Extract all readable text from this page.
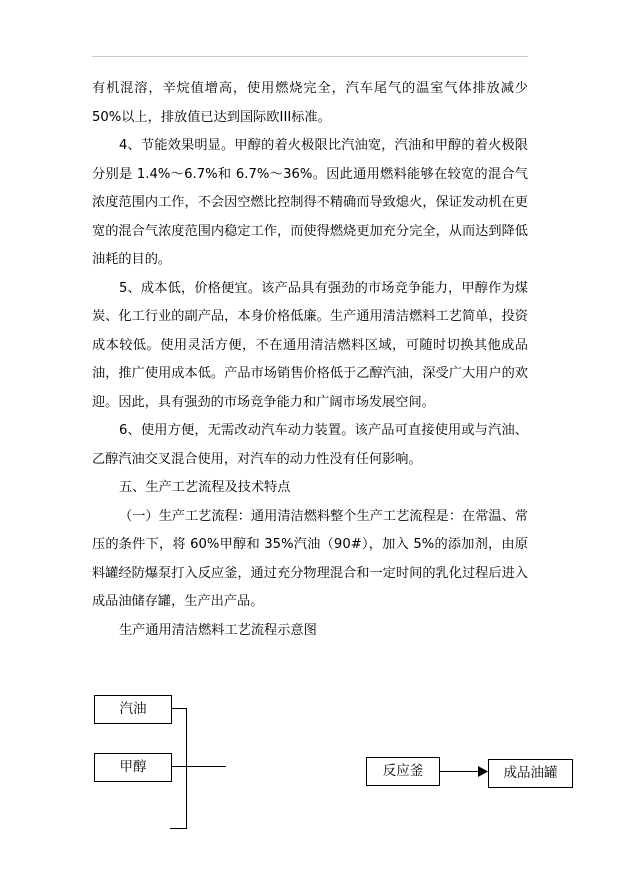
有机混溶，辛烷值增高，使用燃烧完全，汽车尾气的温室气体排放减少 50%以上，排放值已达到国际欧III标准。

4、节能效果明显。甲醇的着火极限比汽油宽，汽油和甲醇的着火极限分别是 1.4%～6.7%和 6.7%～36%。因此通用燃料能够在较宽的混合气浓度范围内工作，不会因空燃比控制得不精确而导致熄火，保证发动机在更宽的混合气浓度范围内稳定工作，而使得燃烧更加充分完全，从而达到降低油耗的目的。

5、成本低，价格便宜。该产品具有强劲的市场竞争能力，甲醇作为煤炭、化工行业的副产品，本身价格低廉。生产通用清洁燃料工艺简单，投资成本较低。使用灵活方便，不在通用清洁燃料区域，可随时切换其他成品油，推广使用成本低。产品市场销售价格低于乙醇汽油，深受广大用户的欢迎。因此，具有强劲的市场竞争能力和广阔市场发展空间。

6、使用方便，无需改动汽车动力装置。该产品可直接使用或与汽油、乙醇汽油交叉混合使用，对汽车的动力性没有任何影响。

五、生产工艺流程及技术特点

（一）生产工艺流程：通用清洁燃料整个生产工艺流程是：在常温、常压的条件下，将 60%甲醇和 35%汽油（90#），加入 5%的添加剂，由原料罐经防爆泵打入反应釜，通过充分物理混合和一定时间的乳化过程后进入成品油储存罐，生产出产品。

生产通用清洁燃料工艺流程示意图

汽油
甲醇	反应釜	成品油罐
